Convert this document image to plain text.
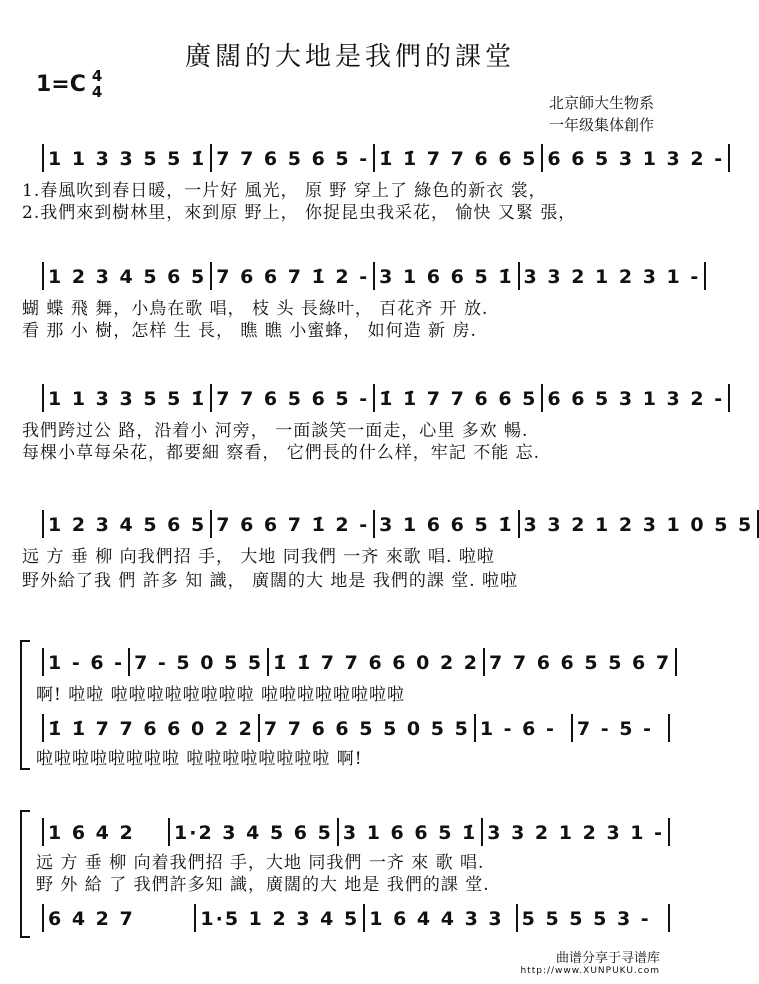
廣闊的大地是我們的課堂
1=C 4
4
北京師大生物系
一年级集体創作
1 1 3 3 5 5 1̇ 7 7 6 5 6 5 - 1̇ 1̇ 7 7 6 6 5 6 6 5 3 1 3 2 -
1.春風吹到春日暖，一片好 風光， 原 野 穿上了 綠色的新衣 裳，
2.我們來到樹林里，來到原 野上， 你捉昆虫我采花， 愉快 又緊 張，
1 2 3 4 5 6 5 7 6 6 7 1̇ 2 - 3 1 6 6 5 1̇ 3 3 2 1 2 3 1 -
蝴 蝶 飛 舞，小鳥在歌 唱， 枝 头 長綠叶， 百花齐 开 放.
看 那 小 樹，怎样 生 長， 瞧 瞧 小蜜蜂， 如何造 新 房.
1 1 3 3 5 5 1̇ 7 7 6 5 6 5 - 1̇ 1̇ 7 7 6 6 5 6 6 5 3 1 3 2 -
我們跨过公 路，沿着小 河旁， 一面談笑一面走，心里 多欢 暢.
每棵小草每朵花，都要細 察看， 它們長的什么样，牢記 不能 忘.
1 2 3 4 5 6 5 7 6 6 7 1̇ 2 - 3 1 6 6 5 1̇ 3 3 2 1 2 3 1 0 5 5
远 方 垂 柳 向我們招 手， 大地 同我們 一齐 來歌 唱. 啦啦
野外給了我 們 許多 知 識， 廣闊的大 地是 我們的課 堂. 啦啦
1 - 6 - 7 - 5 0 5 5 1̇ 1̇ 7 7 6 6 0 2 2 7 7 6 6 5 5 6 7
啊! 啦啦 啦啦啦啦啦啦啦啦 啦啦啦啦啦啦啦啦
1̇ 1̇ 7 7 6 6 0 2 2 7 7 6 6 5 5 0 5 5 1 - 6 -	7 - 5 -
啦啦啦啦啦啦啦啦 啦啦啦啦啦啦啦啦 啊!
1 6 4 2	1·2 3 4 5 6 5 3 1 6 6 5 1̇ 3 3 2 1 2 3 1 -
远 方 垂 柳 向着我們招 手，大地 同我們 一齐 來 歌 唱.
野 外 給 了 我們許多知 識，廣闊的大 地是 我們的課 堂.
6 4 2 7	1·5 1 2 3 4 5 1 6 4 4 3 3 5 5 5 5 3 -
曲谱分享于寻谱库
http://www.XUNPUKU.com
